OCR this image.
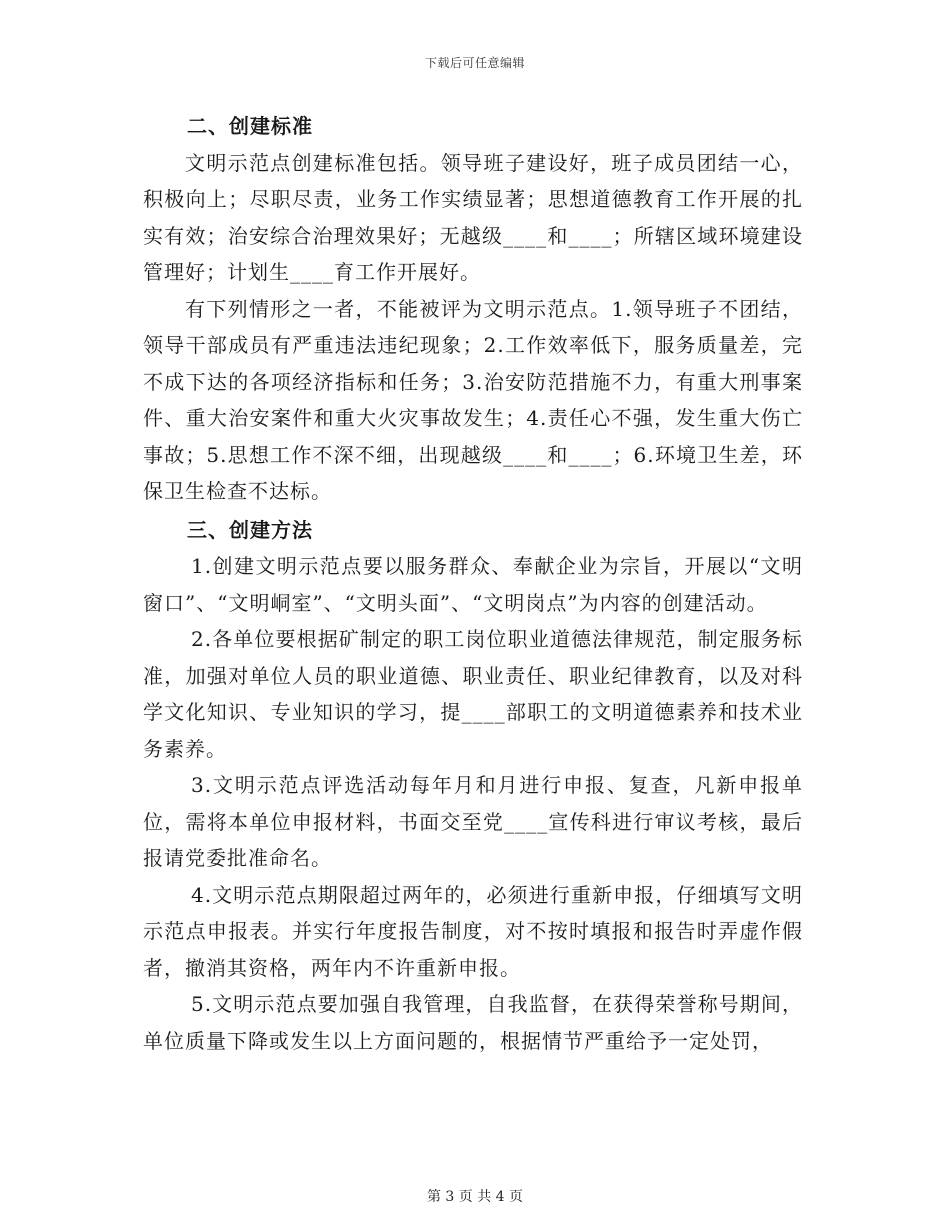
下载后可任意编辑
二、创建标准

文明示范点创建标准包括。领导班子建设好，班子成员团结一心，积极向上；尽职尽责，业务工作实绩显著；思想道德教育工作开展的扎实有效；治安综合治理效果好；无越级____和____；所辖区域环境建设管理好；计划生____育工作开展好。

有下列情形之一者，不能被评为文明示范点。1.领导班子不团结，领导干部成员有严重违法违纪现象；2.工作效率低下，服务质量差，完不成下达的各项经济指标和任务；3.治安防范措施不力，有重大刑事案件、重大治安案件和重大火灾事故发生；4.责任心不强，发生重大伤亡事故；5.思想工作不深不细，出现越级____和____；6.环境卫生差，环保卫生检查不达标。

三、创建方法

1.创建文明示范点要以服务群众、奉献企业为宗旨，开展以“文明窗口”、“文明峒室”、“文明头面”、“文明岗点”为内容的创建活动。

2.各单位要根据矿制定的职工岗位职业道德法律规范，制定服务标准，加强对单位人员的职业道德、职业责任、职业纪律教育，以及对科学文化知识、专业知识的学习，提____部职工的文明道德素养和技术业务素养。

3.文明示范点评选活动每年月和月进行申报、复查，凡新申报单位，需将本单位申报材料，书面交至党____宣传科进行审议考核，最后报请党委批准命名。

4.文明示范点期限超过两年的，必须进行重新申报，仔细填写文明示范点申报表。并实行年度报告制度，对不按时填报和报告时弄虚作假者，撤消其资格，两年内不许重新申报。

5.文明示范点要加强自我管理，自我监督，在获得荣誉称号期间，单位质量下降或发生以上方面问题的，根据情节严重给予一定处罚，

第 3 页 共 4 页
